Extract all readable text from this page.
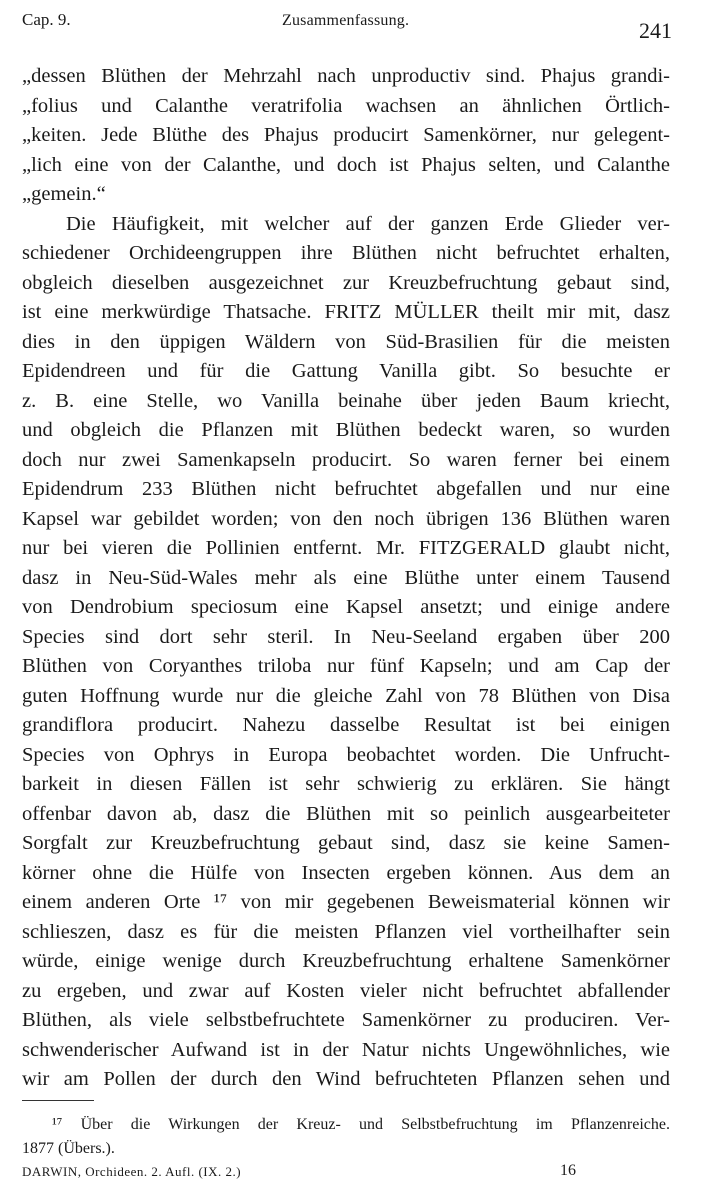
Cap. 9.	Zusammenfassung.	241
„dessen Blüthen der Mehrzahl nach unproductiv sind. Phajus grandi-
„folius und Calanthe veratrifolia wachsen an ähnlichen Örtlich-
„keiten. Jede Blüthe des Phajus producirt Samenkörner, nur gelegent-
„lich eine von der Calanthe, und doch ist Phajus selten, und Calanthe
„gemein.“
Die Häufigkeit, mit welcher auf der ganzen Erde Glieder ver-
schiedener Orchideengruppen ihre Blüthen nicht befruchtet erhalten,
obgleich dieselben ausgezeichnet zur Kreuzbefruchtung gebaut sind,
ist eine merkwürdige Thatsache. FRITZ MÜLLER theilt mir mit, dasz
dies in den üppigen Wäldern von Süd-Brasilien für die meisten
Epidendreen und für die Gattung Vanilla gibt. So besuchte er
z. B. eine Stelle, wo Vanilla beinahe über jeden Baum kriecht,
und obgleich die Pflanzen mit Blüthen bedeckt waren, so wurden
doch nur zwei Samenkapseln producirt. So waren ferner bei einem
Epidendrum 233 Blüthen nicht befruchtet abgefallen und nur eine
Kapsel war gebildet worden; von den noch übrigen 136 Blüthen waren
nur bei vieren die Pollinien entfernt. Mr. FITZGERALD glaubt nicht,
dasz in Neu-Süd-Wales mehr als eine Blüthe unter einem Tausend
von Dendrobium speciosum eine Kapsel ansetzt; und einige andere
Species sind dort sehr steril. In Neu-Seeland ergaben über 200
Blüthen von Coryanthes triloba nur fünf Kapseln; und am Cap der
guten Hoffnung wurde nur die gleiche Zahl von 78 Blüthen von Disa
grandiflora producirt. Nahezu dasselbe Resultat ist bei einigen
Species von Ophrys in Europa beobachtet worden. Die Unfrucht-
barkeit in diesen Fällen ist sehr schwierig zu erklären. Sie hängt
offenbar davon ab, dasz die Blüthen mit so peinlich ausgearbeiteter
Sorgfalt zur Kreuzbefruchtung gebaut sind, dasz sie keine Samen-
körner ohne die Hülfe von Insecten ergeben können. Aus dem an
einem anderen Orte ¹⁷ von mir gegebenen Beweismaterial können wir
schlieszen, dasz es für die meisten Pflanzen viel vortheilhafter sein
würde, einige wenige durch Kreuzbefruchtung erhaltene Samenkörner
zu ergeben, und zwar auf Kosten vieler nicht befruchtet abfallender
Blüthen, als viele selbstbefruchtete Samenkörner zu produciren. Ver-
schwenderischer Aufwand ist in der Natur nichts Ungewöhnliches, wie
wir am Pollen der durch den Wind befruchteten Pflanzen sehen und
¹⁷ Über die Wirkungen der Kreuz- und Selbstbefruchtung im Pflanzenreiche.
1877 (Übers.).
DARWIN, Orchideen. 2. Aufl. (IX. 2.)	16
